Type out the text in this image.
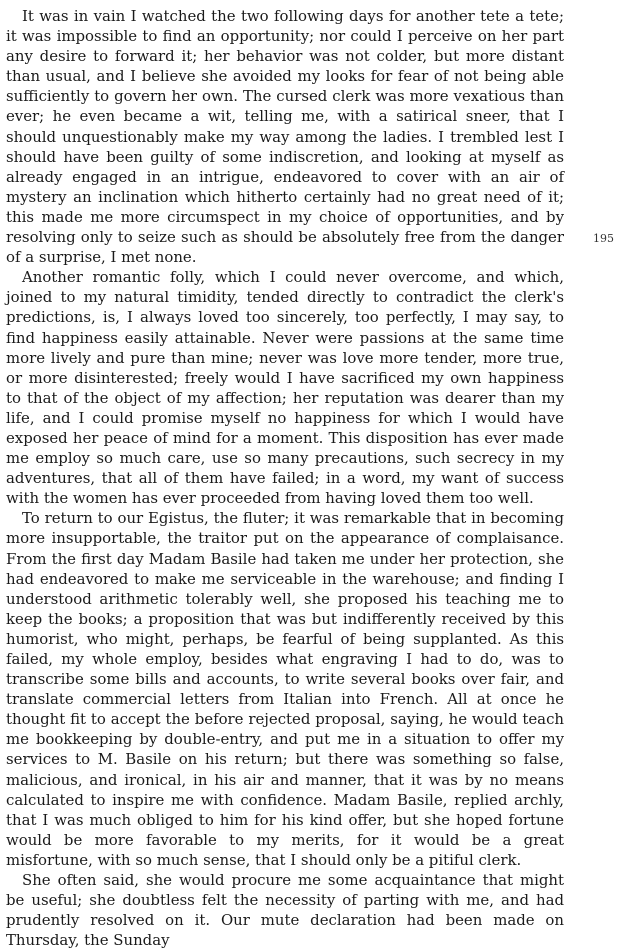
It was in vain I watched the two following days for another tete a tete; it was impossible to find an opportunity; nor could I perceive on her part any desire to forward it; her behavior was not colder, but more distant than usual, and I believe she avoided my looks for fear of not being able sufficiently to govern her own. The cursed clerk was more vexatious than ever; he even became a wit, telling me, with a satirical sneer, that I should unquestionably make my way among the ladies. I trembled lest I should have been guilty of some indiscretion, and looking at myself as already engaged in an intrigue, endeavored to cover with an air of mystery an inclination which hitherto certainly had no great need of it; this made me more circumspect in my choice of opportunities, and by resolving only to seize such as should be absolutely free from the danger of a surprise, I met none.

Another romantic folly, which I could never overcome, and which, joined to my natural timidity, tended directly to contradict the clerk's predictions, is, I always loved too sincerely, too perfectly, I may say, to find happiness easily attainable. Never were passions at the same time more lively and pure than mine; never was love more tender, more true, or more disinterested; freely would I have sacrificed my own happiness to that of the object of my affection; her reputation was dearer than my life, and I could promise myself no happiness for which I would have exposed her peace of mind for a moment. This disposition has ever made me employ so much care, use so many precautions, such secrecy in my adventures, that all of them have failed; in a word, my want of success with the women has ever proceeded from having loved them too well.

To return to our Egistus, the fluter; it was remarkable that in becoming more insupportable, the traitor put on the appearance of complaisance. From the first day Madam Basile had taken me under her protection, she had endeavored to make me serviceable in the warehouse; and finding I understood arithmetic tolerably well, she proposed his teaching me to keep the books; a proposition that was but indifferently received by this humorist, who might, perhaps, be fearful of being supplanted. As this failed, my whole employ, besides what engraving I had to do, was to transcribe some bills and accounts, to write several books over fair, and translate commercial letters from Italian into French. All at once he thought fit to accept the before rejected proposal, saying, he would teach me bookkeeping by double-entry, and put me in a situation to offer my services to M. Basile on his return; but there was something so false, malicious, and ironical, in his air and manner, that it was by no means calculated to inspire me with confidence. Madam Basile, replied archly, that I was much obliged to him for his kind offer, but she hoped fortune would be more favorable to my merits, for it would be a great misfortune, with so much sense, that I should only be a pitiful clerk.

She often said, she would procure me some acquaintance that might be useful; she doubtless felt the necessity of parting with me, and had prudently resolved on it. Our mute declaration had been made on Thursday, the Sunday

195
